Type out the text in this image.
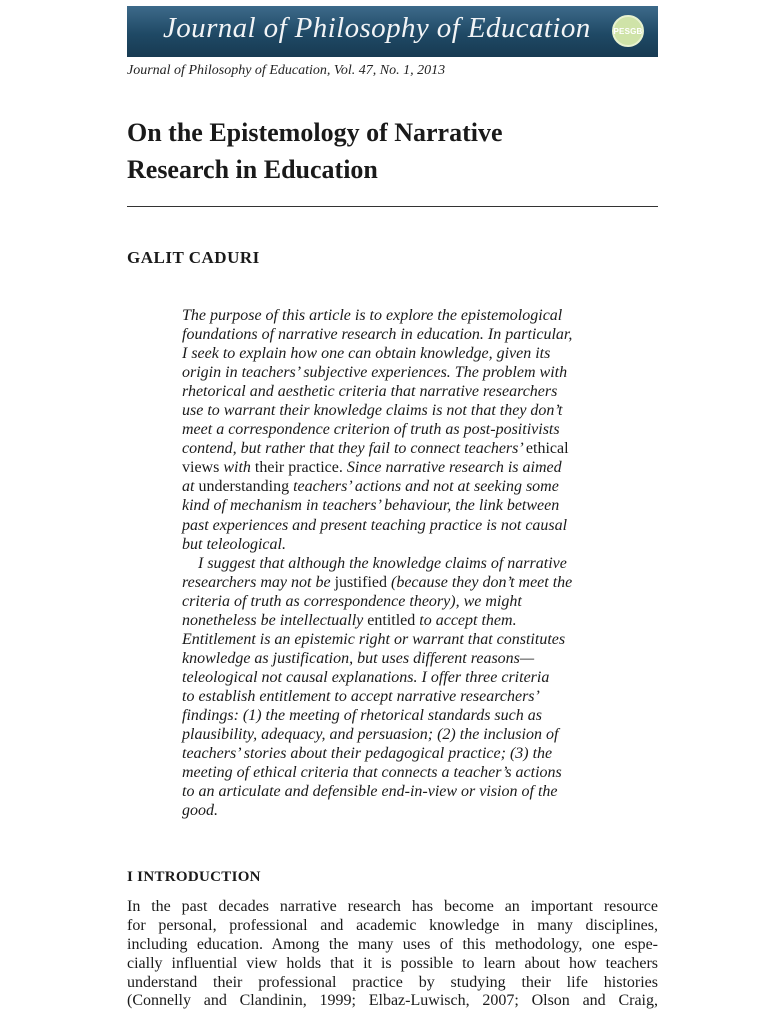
Journal of Philosophy of Education	PESGB
Journal of Philosophy of Education, Vol. 47, No. 1, 2013
On the Epistemology of Narrative
Research in Education
GALIT CADURI
The purpose of this article is to explore the epistemological
foundations of narrative research in education. In particular,
I seek to explain how one can obtain knowledge, given its
origin in teachers’ subjective experiences. The problem with
rhetorical and aesthetic criteria that narrative researchers
use to warrant their knowledge claims is not that they don’t
meet a correspondence criterion of truth as post-positivists
contend, but rather that they fail to connect teachers’ ethical
views with their practice. Since narrative research is aimed
at understanding teachers’ actions and not at seeking some
kind of mechanism in teachers’ behaviour, the link between
past experiences and present teaching practice is not causal
but teleological.
I suggest that although the knowledge claims of narrative
researchers may not be justified (because they don’t meet the
criteria of truth as correspondence theory), we might
nonetheless be intellectually entitled to accept them.
Entitlement is an epistemic right or warrant that constitutes
knowledge as justification, but uses different reasons—
teleological not causal explanations. I offer three criteria
to establish entitlement to accept narrative researchers’
findings: (1) the meeting of rhetorical standards such as
plausibility, adequacy, and persuasion; (2) the inclusion of
teachers’ stories about their pedagogical practice; (3) the
meeting of ethical criteria that connects a teacher’s actions
to an articulate and defensible end-in-view or vision of the
good.
I INTRODUCTION
In the past decades narrative research has become an important resource
for personal, professional and academic knowledge in many disciplines,
including education. Among the many uses of this methodology, one espe-
cially influential view holds that it is possible to learn about how teachers
understand their professional practice by studying their life histories
(Connelly and Clandinin, 1999; Elbaz-Luwisch, 2007; Olson and Craig,
